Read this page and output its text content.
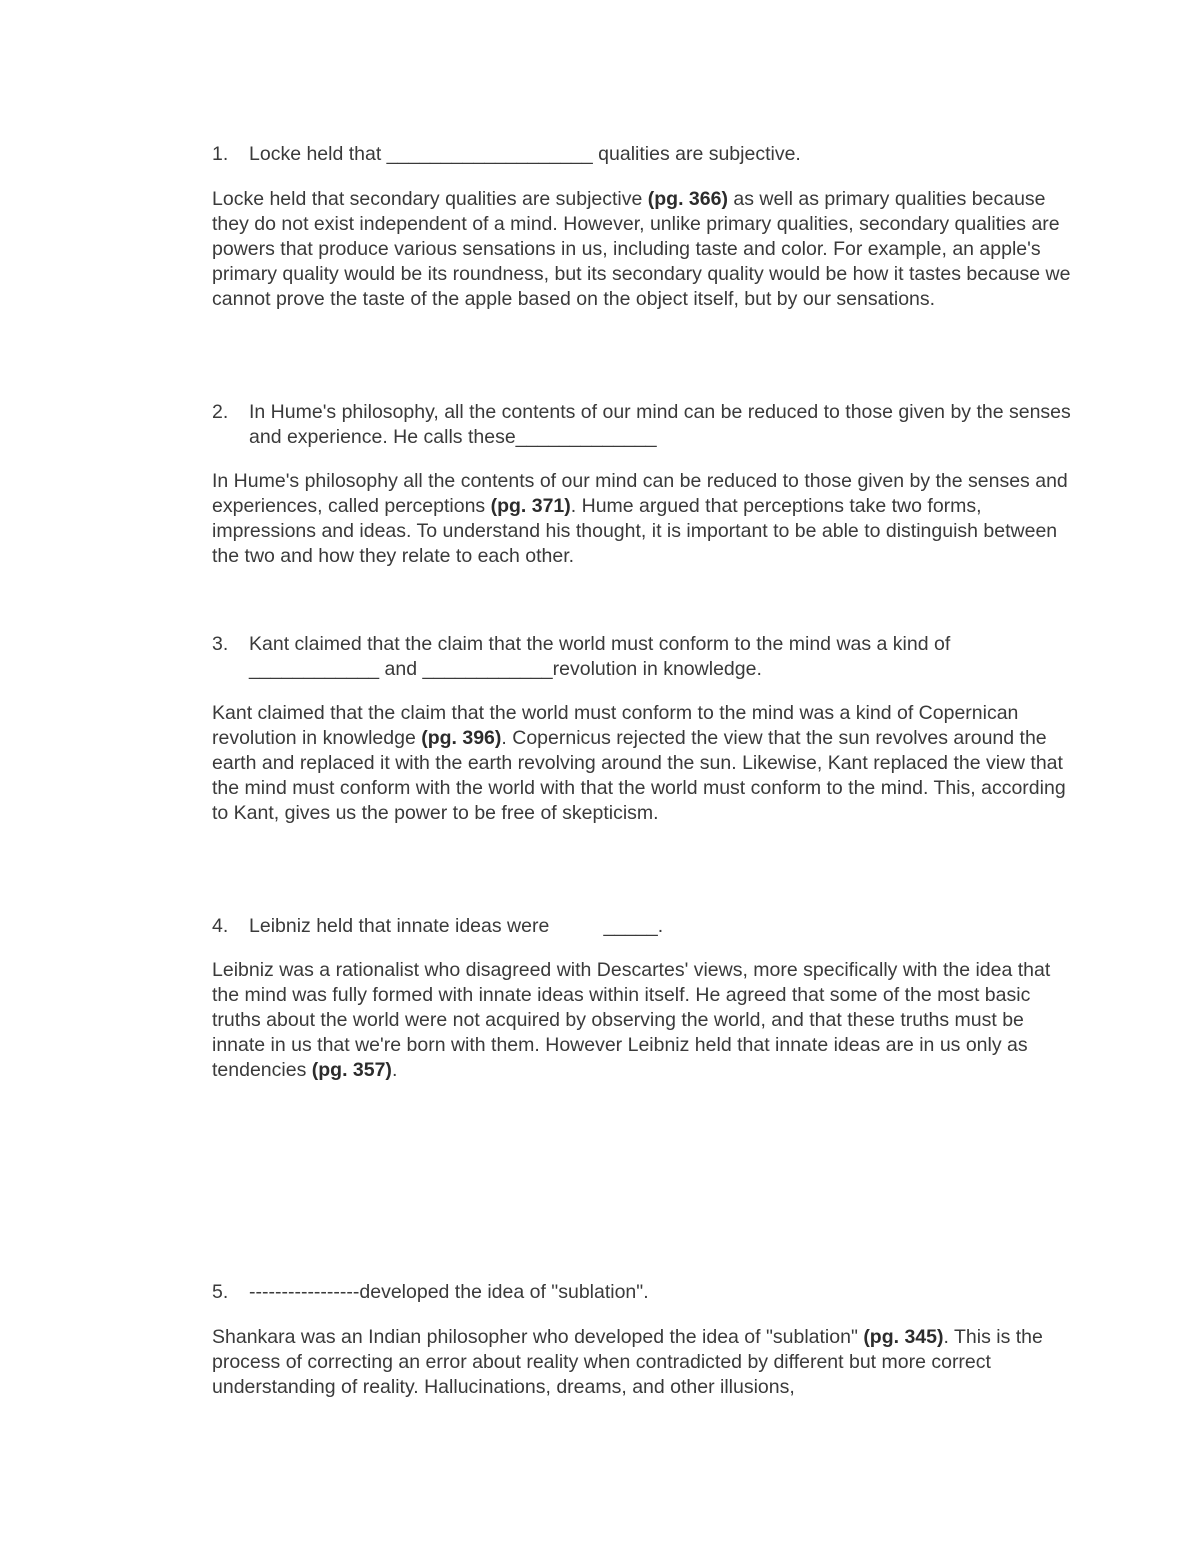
1. Locke held that ___________________ qualities are subjective.

Locke held that secondary qualities are subjective (pg. 366) as well as primary qualities because they do not exist independent of a mind. However, unlike primary qualities, secondary qualities are powers that produce various sensations in us, including taste and color. For example, an apple's primary quality would be its roundness, but its secondary quality would be how it tastes because we cannot prove the taste of the apple based on the object itself, but by our sensations.

2. In Hume's philosophy, all the contents of our mind can be reduced to those given by the senses and experience. He calls these_____________

In Hume's philosophy all the contents of our mind can be reduced to those given by the senses and experiences, called perceptions (pg. 371). Hume argued that perceptions take two forms, impressions and ideas. To understand his thought, it is important to be able to distinguish between the two and how they relate to each other.

3. Kant claimed that the claim that the world must conform to the mind was a kind of ____________ and ____________revolution in knowledge.

Kant claimed that the claim that the world must conform to the mind was a kind of Copernican revolution in knowledge (pg. 396). Copernicus rejected the view that the sun revolves around the earth and replaced it with the earth revolving around the sun. Likewise, Kant replaced the view that the mind must conform with the world with that the world must conform to the mind. This, according to Kant, gives us the power to be free of skepticism.

4. Leibniz held that innate ideas were          _____.

Leibniz was a rationalist who disagreed with Descartes' views, more specifically with the idea that the mind was fully formed with innate ideas within itself. He agreed that some of the most basic truths about the world were not acquired by observing the world, and that these truths must be innate in us that we're born with them. However Leibniz held that innate ideas are in us only as tendencies (pg. 357).

5. -----------------developed the idea of "sublation".

Shankara was an Indian philosopher who developed the idea of "sublation" (pg. 345). This is the process of correcting an error about reality when contradicted by different but more correct understanding of reality. Hallucinations, dreams, and other illusions,
